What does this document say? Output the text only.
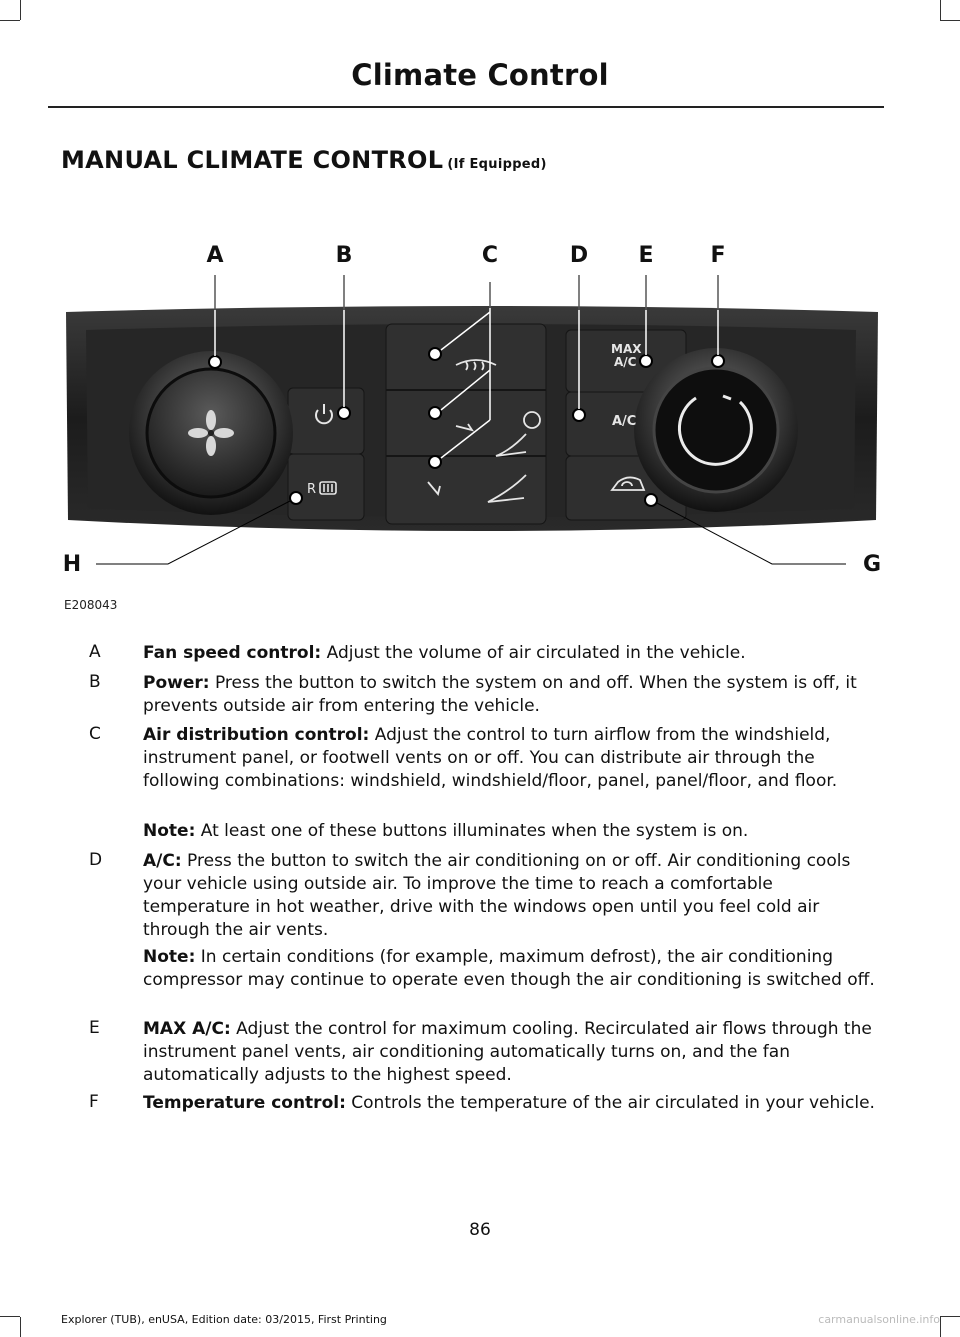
Climate Control
MANUAL CLIMATE CONTROL (If Equipped)
R
MAX
A/C
A/C
A	B	C	D E	F
G
H
E208043
A Fan speed control: Adjust the volume of air circulated in the vehicle.
B Power: Press the button to switch the system on and off. When the system is off, it prevents outside air from entering the vehicle.
C Air distribution control: Adjust the control to turn airflow from the windshield, instrument panel, or footwell vents on or off. You can distribute air through the following combinations: windshield, windshield/floor, panel, panel/floor, and floor.
Note: At least one of these buttons illuminates when the system is on.
D A/C: Press the button to switch the air conditioning on or off. Air conditioning cools your vehicle using outside air. To improve the time to reach a comfortable temperature in hot weather, drive with the windows open until you feel cold air through the air vents.
Note: In certain conditions (for example, maximum defrost), the air conditioning compressor may continue to operate even though the air conditioning is switched off.
E	MAX A/C: Adjust the control for maximum cooling. Recirculated air flows through the instrument panel vents, air conditioning automatically turns on, and the fan automatically adjusts to the highest speed.
F	Temperature control: Controls the temperature of the air circulated in your vehicle.
86
Explorer (TUB), enUSA, Edition date: 03/2015, First Printing	carmanualsonline.info
